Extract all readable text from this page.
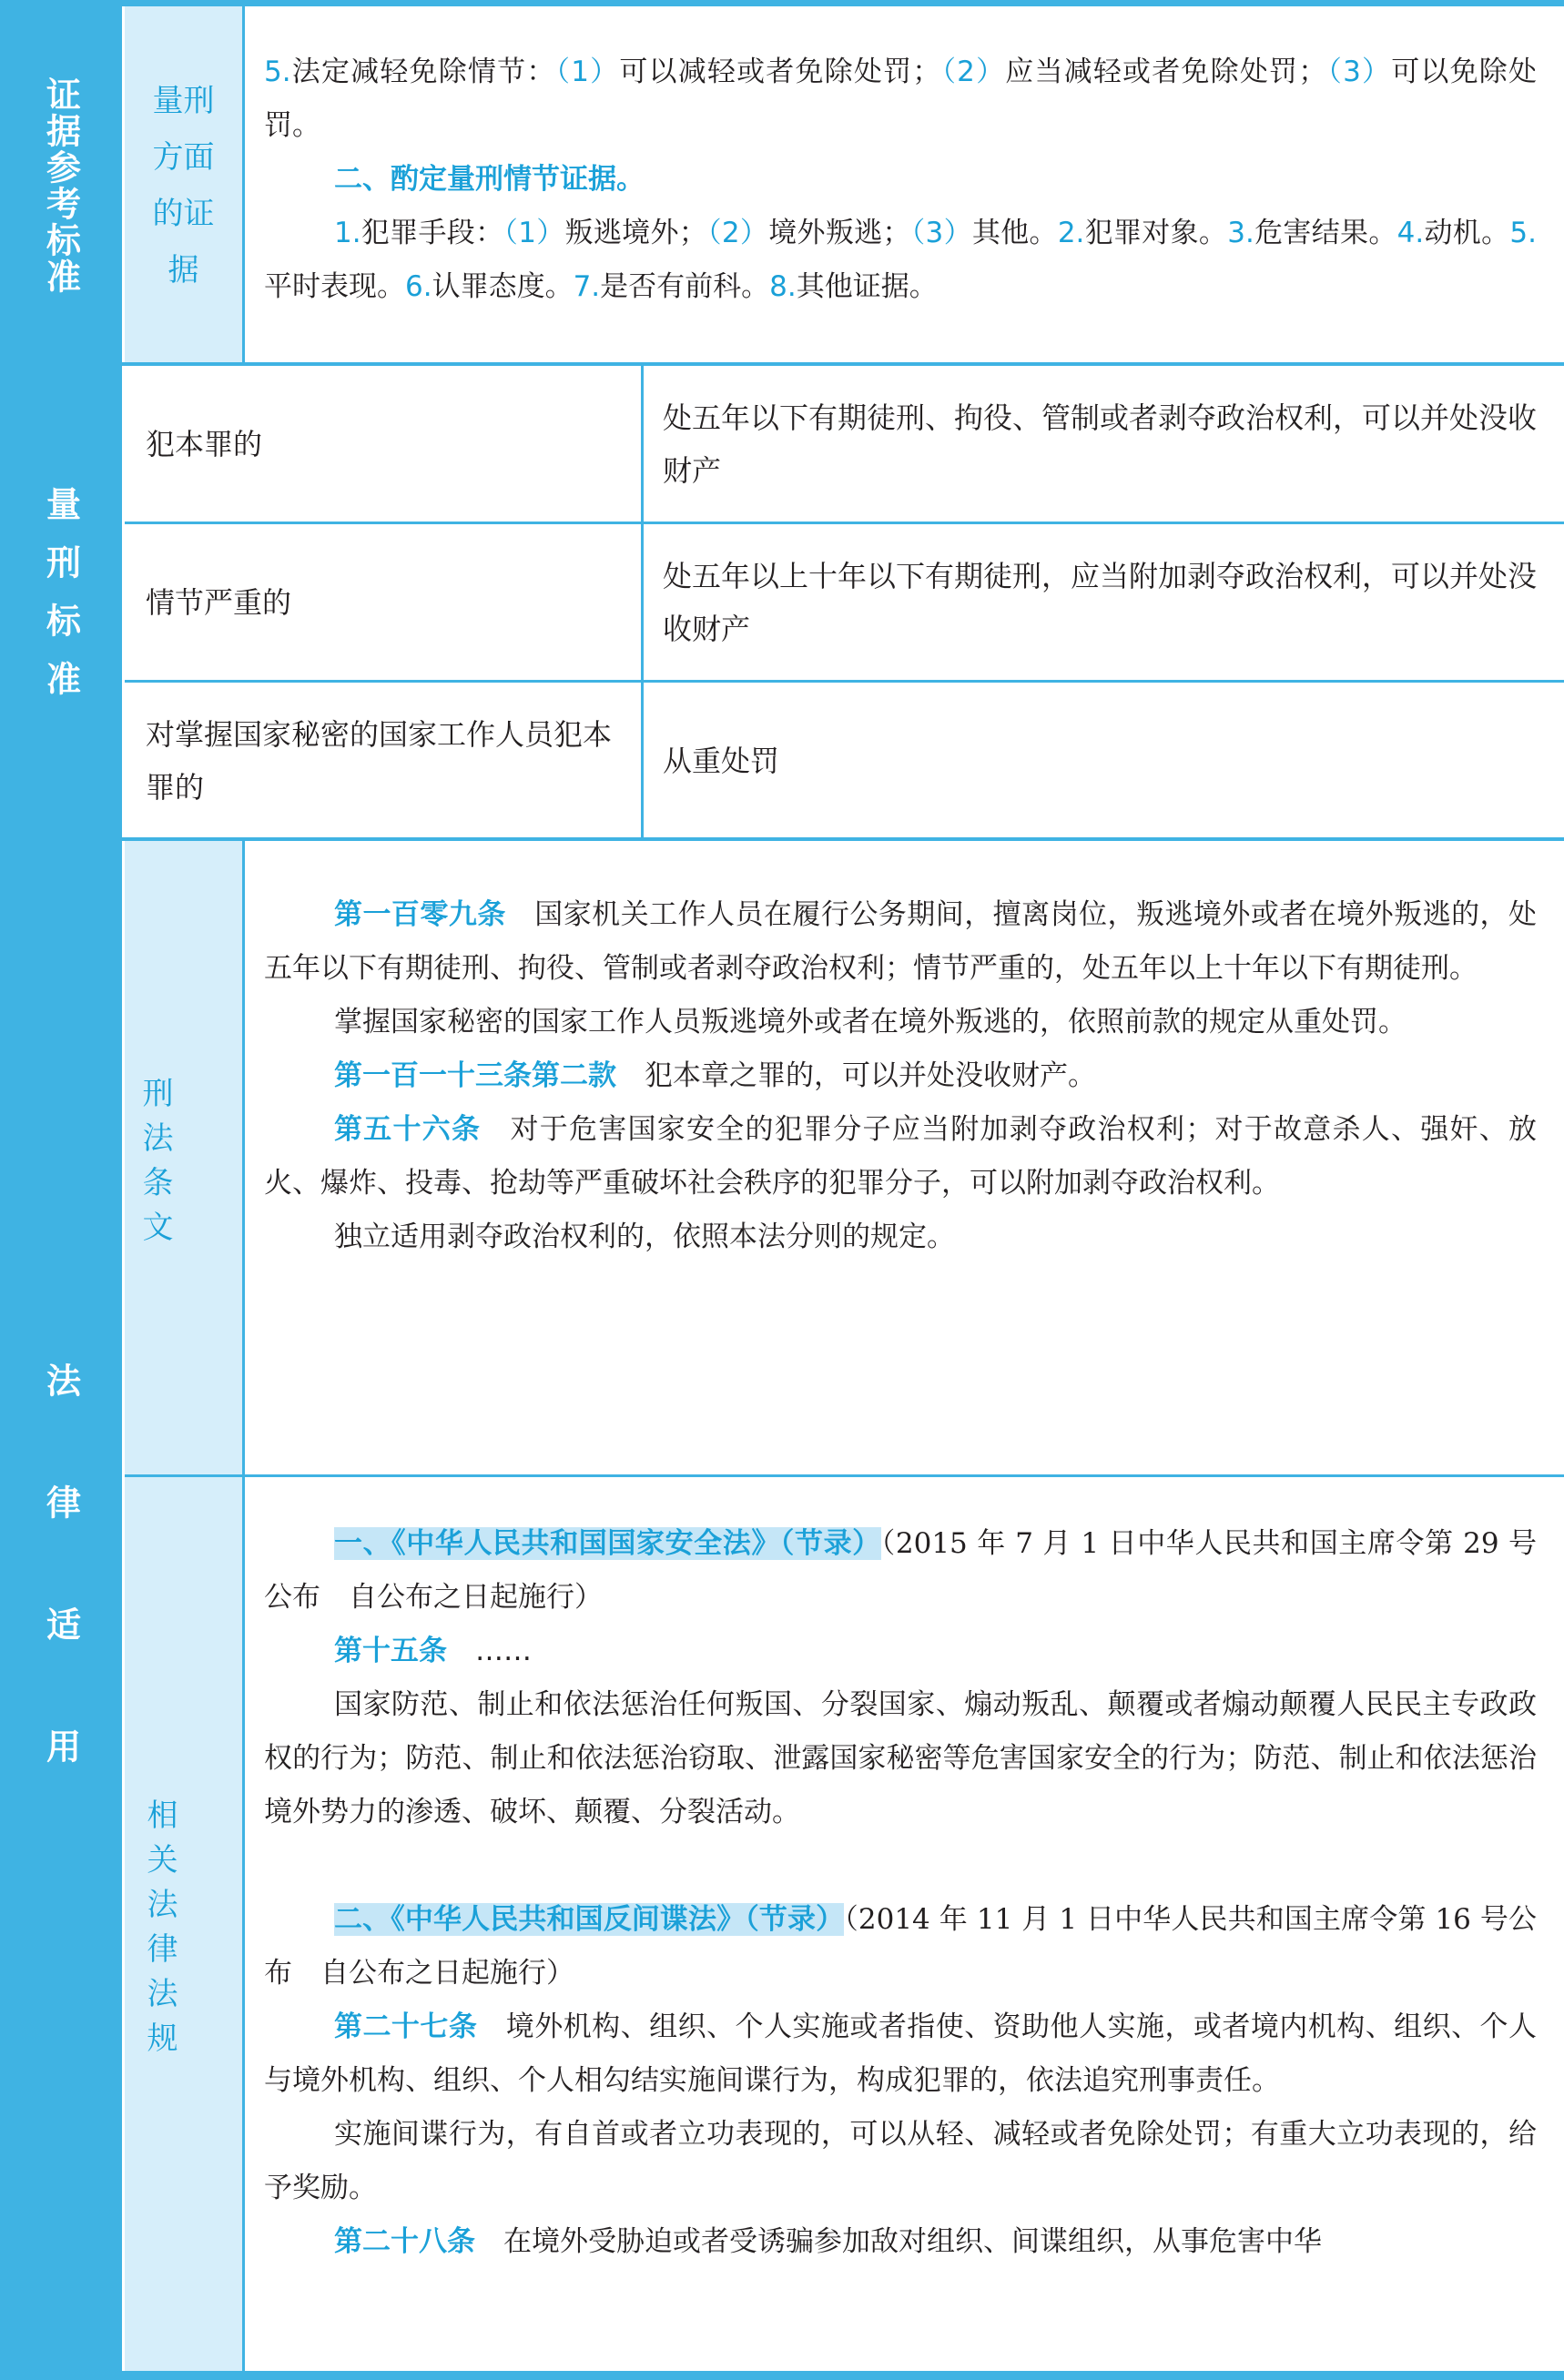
证据参考标准	量刑方面的证据

5.法定减轻免除情节：（1）可以减轻或者免除处罚；（2）应当减轻或者免除处罚；（3）可以免除处罚。

二、酌定量刑情节证据。

1.犯罪手段：（1）叛逃境外；（2）境外叛逃；（3）其他。2.犯罪对象。3.危害结果。4.动机。5.平时表现。6.认罪态度。7.是否有前科。8.其他证据。

量刑标准
犯本罪的
处五年以下有期徒刑、拘役、管制或者剥夺政治权利，可以并处没收财产
情节严重的
处五年以上十年以下有期徒刑，应当附加剥夺政治权利，可以并处没收财产
对掌握国家秘密的国家工作人员犯本罪的
从重处罚
法律适用
刑法条文
相关法律法规

第一百零九条　 国家机关工作人员在履行公务期间，擅离岗位，叛逃境外或者在境外叛逃的，处五年以下有期徒刑、拘役、管制或者剥夺政治权利；情节严重的，处五年以上十年以下有期徒刑。

掌握国家秘密的国家工作人员叛逃境外或者在境外叛逃的，依照前款的规定从重处罚。

第一百一十三条第二款　 犯本章之罪的，可以并处没收财产。

第五十六条　 对于危害国家安全的犯罪分子应当附加剥夺政治权利；对于故意杀人、强奸、放火、爆炸、投毒、抢劫等严重破坏社会秩序的犯罪分子，可以附加剥夺政治权利。

独立适用剥夺政治权利的，依照本法分则的规定。

一、《中华人民共和国国家安全法》（节录）（2015 年 7 月 1 日中华人民共和国主席令第 29 号公布　自公布之日起施行）

第十五条　 ……

国家防范、制止和依法惩治任何叛国、分裂国家、煽动叛乱、颠覆或者煽动颠覆人民民主专政政权的行为；防范、制止和依法惩治窃取、泄露国家秘密等危害国家安全的行为；防范、制止和依法惩治境外势力的渗透、破坏、颠覆、分裂活动。

二、《中华人民共和国反间谍法》（节录）（2014 年 11 月 1 日中华人民共和国主席令第 16 号公布　自公布之日起施行）

第二十七条　 境外机构、组织、个人实施或者指使、资助他人实施，或者境内机构、组织、个人与境外机构、组织、个人相勾结实施间谍行为，构成犯罪的，依法追究刑事责任。

实施间谍行为，有自首或者立功表现的，可以从轻、减轻或者免除处罚；有重大立功表现的，给予奖励。

第二十八条　 在境外受胁迫或者受诱骗参加敌对组织、间谍组织，从事危害中华
